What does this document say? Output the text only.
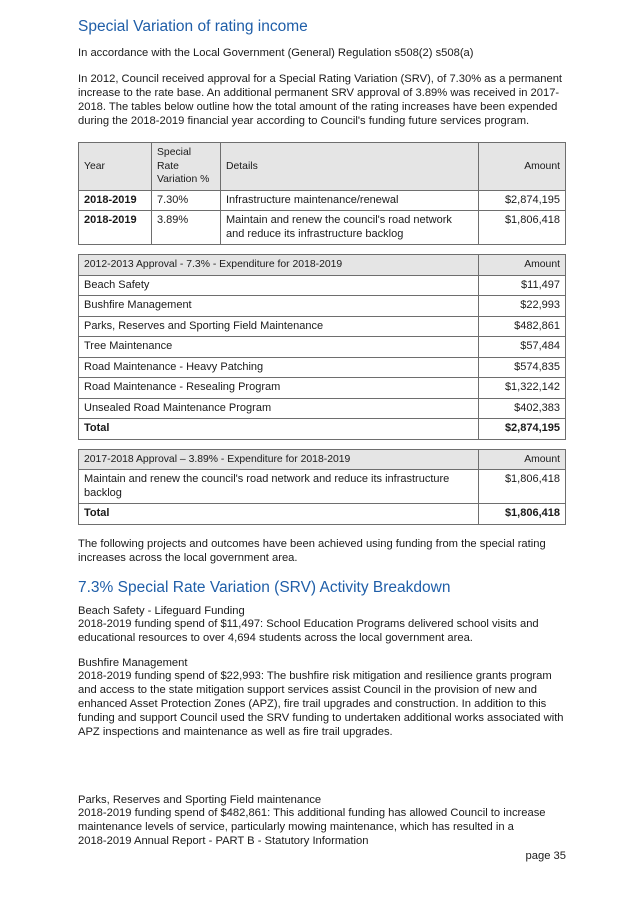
Special Variation of rating income

In accordance with the Local Government (General) Regulation s508(2) s508(a)

In 2012, Council received approval for a Special Rating Variation (SRV), of 7.30% as a permanent increase to the rate base. An additional permanent SRV approval of 3.89% was received in 2017-2018. The tables below outline how the total amount of the rating increases have been expended during the 2018-2019 financial year according to Council's funding future services program.

Year	Special Rate Variation %	Details	Amount
2018-2019	7.30%	Infrastructure maintenance/renewal	$2,874,195
2018-2019	3.89%	Maintain and renew the council's road network and reduce its infrastructure backlog	$1,806,418
2012-2013 Approval - 7.3% - Expenditure for 2018-2019	Amount
Beach Safety	$11,497
Bushfire Management	$22,993
Parks, Reserves and Sporting Field Maintenance	$482,861
Tree Maintenance	$57,484
Road Maintenance - Heavy Patching	$574,835
Road Maintenance - Resealing Program	$1,322,142
Unsealed Road Maintenance Program	$402,383
Total	$2,874,195
2017-2018 Approval – 3.89% - Expenditure for 2018-2019	Amount
Maintain and renew the council's road network and reduce its infrastructure backlog	$1,806,418
Total	$1,806,418

The following projects and outcomes have been achieved using funding from the special rating increases across the local government area.

7.3% Special Rate Variation (SRV) Activity Breakdown
Beach Safety - Lifeguard Funding

2018-2019 funding spend of $11,497: School Education Programs delivered school visits and educational resources to over 4,694 students across the local government area.

Bushfire Management

2018-2019 funding spend of $22,993: The bushfire risk mitigation and resilience grants program and access to the state mitigation support services assist Council in the provision of new and enhanced Asset Protection Zones (APZ), fire trail upgrades and construction. In addition to this funding and support Council used the SRV funding to undertaken additional works associated with APZ inspections and maintenance as well as fire trail upgrades.

Parks, Reserves and Sporting Field maintenance

2018-2019 funding spend of $482,861: This additional funding has allowed Council to increase maintenance levels of service, particularly mowing maintenance, which has resulted in a

2018-2019 Annual Report - PART B - Statutory Information
page 35
